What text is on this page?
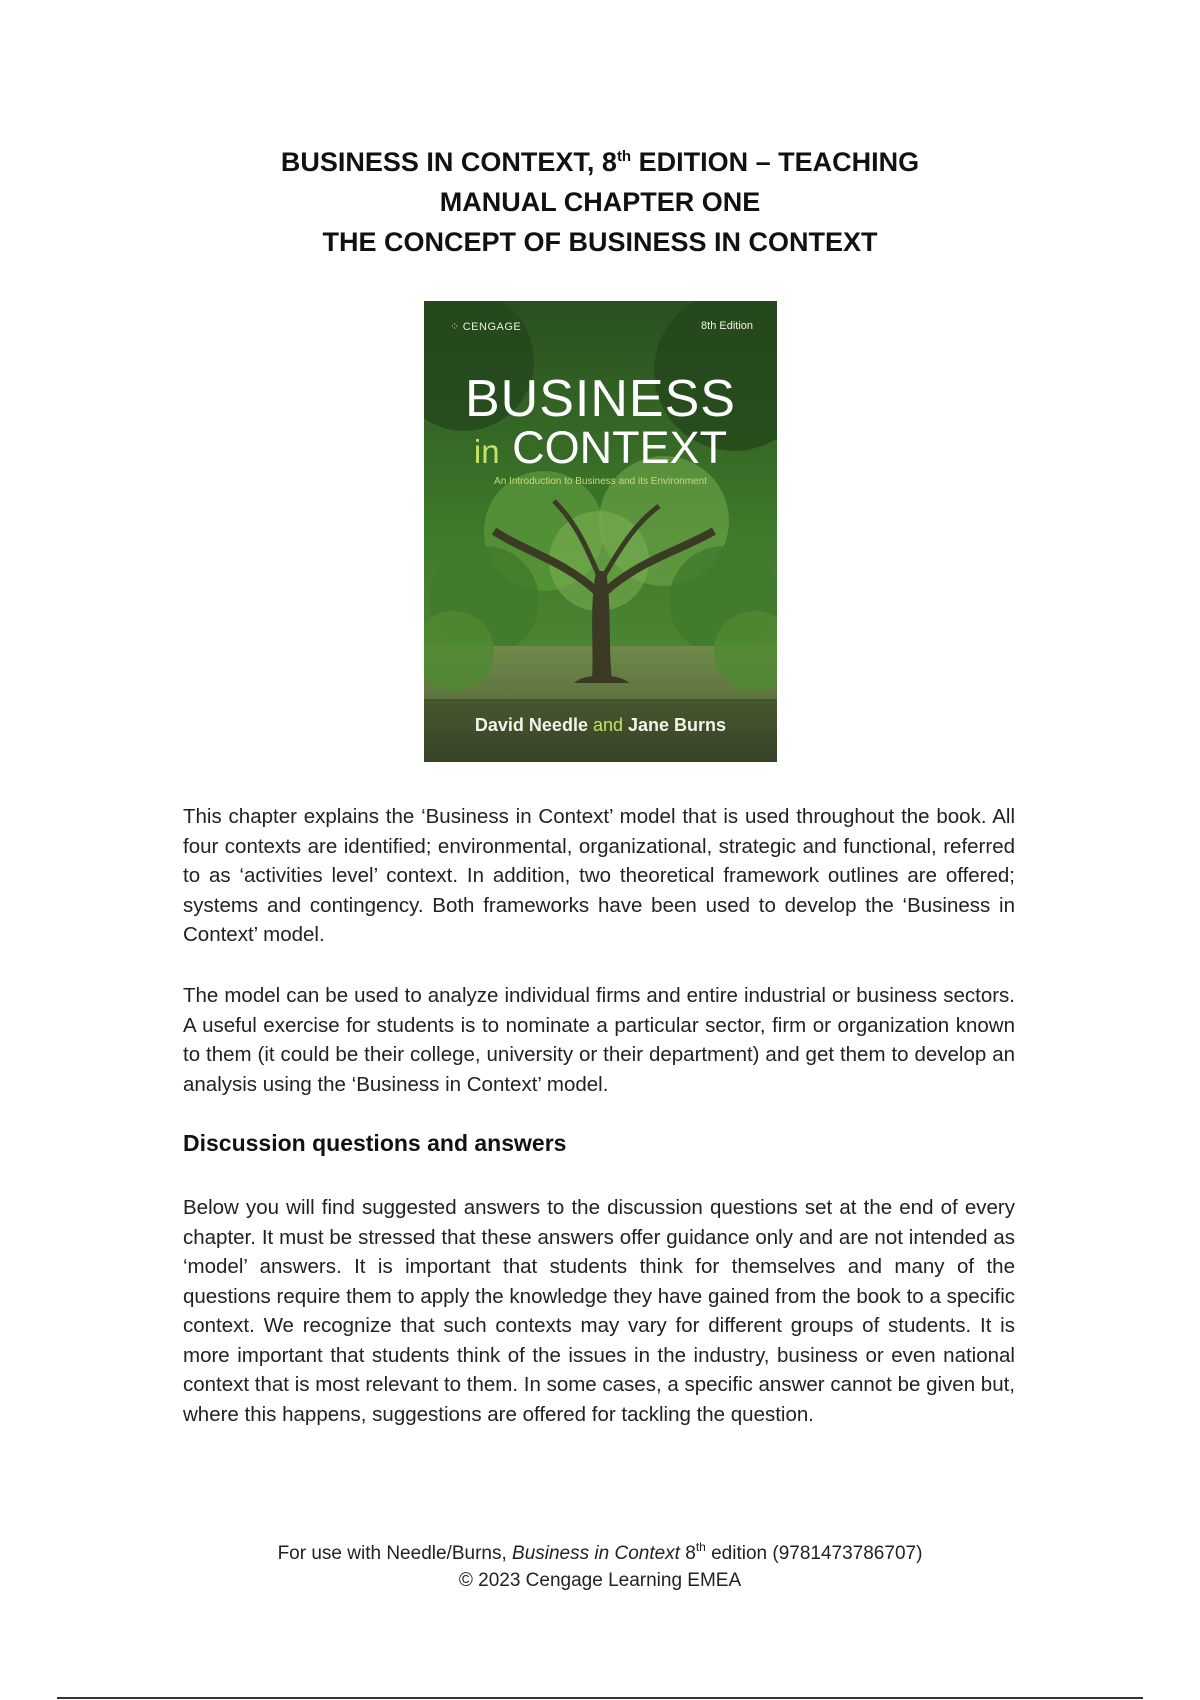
BUSINESS IN CONTEXT, 8th EDITION – TEACHING
MANUAL CHAPTER ONE
THE CONCEPT OF BUSINESS IN CONTEXT
⁘ CENGAGE	8th Edition
BUSINESS
in CONTEXT
An Introduction to Business and its Environment
David Needle and Jane Burns

This chapter explains the ‘Business in Context’ model that is used throughout the book. All four contexts are identified; environmental, organizational, strategic and functional, referred to as ‘activities level’ context. In addition, two theoretical framework outlines are offered; systems and contingency. Both frameworks have been used to develop the ‘Business in Context’ model.

The model can be used to analyze individual firms and entire industrial or business sectors. A useful exercise for students is to nominate a particular sector, firm or organization known to them (it could be their college, university or their department) and get them to develop an analysis using the ‘Business in Context’ model.

Discussion questions and answers

Below you will find suggested answers to the discussion questions set at the end of every chapter. It must be stressed that these answers offer guidance only and are not intended as ‘model’ answers. It is important that students think for themselves and many of the questions require them to apply the knowledge they have gained from the book to a specific context. We recognize that such contexts may vary for different groups of students. It is more important that students think of the issues in the industry, business or even national context that is most relevant to them. In some cases, a specific answer cannot be given but, where this happens, suggestions are offered for tackling the question.

For use with Needle/Burns, Business in Context 8th edition (9781473786707)
© 2023 Cengage Learning EMEA
